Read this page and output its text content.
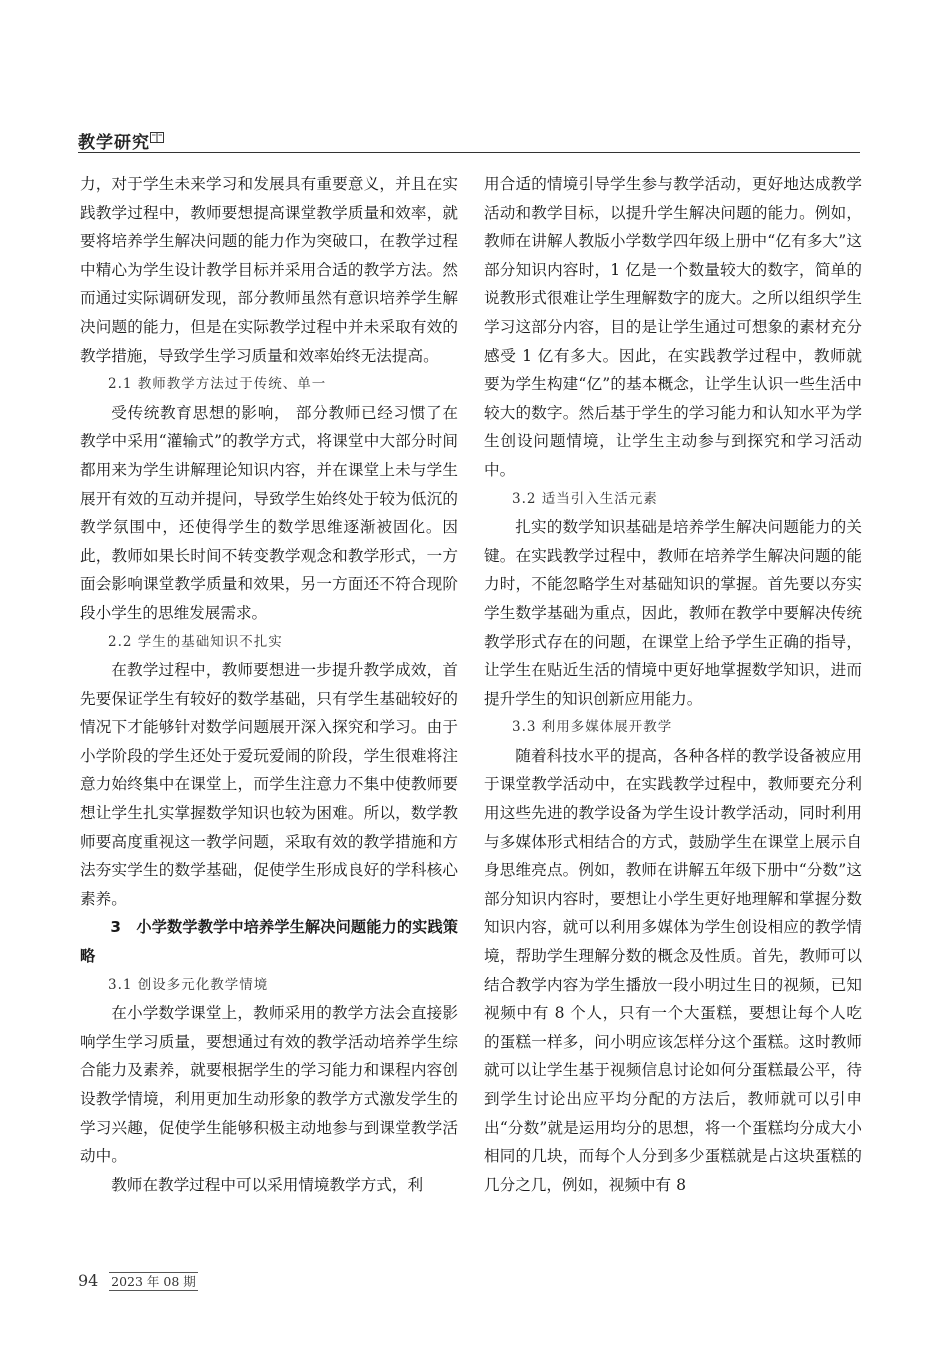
教学研究

力，对于学生未来学习和发展具有重要意义，并且在实践教学过程中，教师要想提高课堂教学质量和效率，就要将培养学生解决问题的能力作为突破口，在教学过程中精心为学生设计教学目标并采用合适的教学方法。然而通过实际调研发现，部分教师虽然有意识培养学生解决问题的能力，但是在实际教学过程中并未采取有效的教学措施，导致学生学习质量和效率始终无法提高。

2.1 教师教学方法过于传统、单一

受传统教育思想的影响， 部分教师已经习惯了在教学中采用“灌输式”的教学方式，将课堂中大部分时间都用来为学生讲解理论知识内容，并在课堂上未与学生展开有效的互动并提问，导致学生始终处于较为低沉的教学氛围中，还使得学生的数学思维逐渐被固化。因此，教师如果长时间不转变教学观念和教学形式，一方面会影响课堂教学质量和效果，另一方面还不符合现阶段小学生的思维发展需求。

2.2 学生的基础知识不扎实

在教学过程中，教师要想进一步提升教学成效，首先要保证学生有较好的数学基础，只有学生基础较好的情况下才能够针对数学问题展开深入探究和学习。由于小学阶段的学生还处于爱玩爱闹的阶段，学生很难将注意力始终集中在课堂上，而学生注意力不集中使教师要想让学生扎实掌握数学知识也较为困难。所以，数学教师要高度重视这一教学问题，采取有效的教学措施和方法夯实学生的数学基础，促使学生形成良好的学科核心素养。

3　小学数学教学中培养学生解决问题能力的实践策略

3.1 创设多元化教学情境

在小学数学课堂上，教师采用的教学方法会直接影响学生学习质量，要想通过有效的教学活动培养学生综合能力及素养，就要根据学生的学习能力和课程内容创设教学情境，利用更加生动形象的教学方式激发学生的学习兴趣，促使学生能够积极主动地参与到课堂教学活动中。

教师在教学过程中可以采用情境教学方式，利

用合适的情境引导学生参与教学活动，更好地达成教学活动和教学目标，以提升学生解决问题的能力。例如，教师在讲解人教版小学数学四年级上册中“亿有多大”这部分知识内容时，1 亿是一个数量较大的数字，简单的说教形式很难让学生理解数字的庞大。之所以组织学生学习这部分内容，目的是让学生通过可想象的素材充分感受 1 亿有多大。因此，在实践教学过程中，教师就要为学生构建“亿”的基本概念，让学生认识一些生活中较大的数字。然后基于学生的学习能力和认知水平为学生创设问题情境，让学生主动参与到探究和学习活动中。

3.2 适当引入生活元素

扎实的数学知识基础是培养学生解决问题能力的关键。在实践教学过程中，教师在培养学生解决问题的能力时，不能忽略学生对基础知识的掌握。首先要以夯实学生数学基础为重点，因此，教师在教学中要解决传统教学形式存在的问题，在课堂上给予学生正确的指导，让学生在贴近生活的情境中更好地掌握数学知识，进而提升学生的知识创新应用能力。

3.3 利用多媒体展开教学

随着科技水平的提高，各种各样的教学设备被应用于课堂教学活动中，在实践教学过程中，教师要充分利用这些先进的教学设备为学生设计教学活动，同时利用与多媒体形式相结合的方式，鼓励学生在课堂上展示自身思维亮点。例如，教师在讲解五年级下册中“分数”这部分知识内容时，要想让小学生更好地理解和掌握分数知识内容，就可以利用多媒体为学生创设相应的教学情境，帮助学生理解分数的概念及性质。首先，教师可以结合教学内容为学生播放一段小明过生日的视频，已知视频中有 8 个人，只有一个大蛋糕，要想让每个人吃的蛋糕一样多，问小明应该怎样分这个蛋糕。这时教师就可以让学生基于视频信息讨论如何分蛋糕最公平，待到学生讨论出应平均分配的方法后，教师就可以引申出“分数”就是运用均分的思想，将一个蛋糕均分成大小相同的几块，而每个人分到多少蛋糕就是占这块蛋糕的几分之几，例如，视频中有 8

94 2023 年 08 期
